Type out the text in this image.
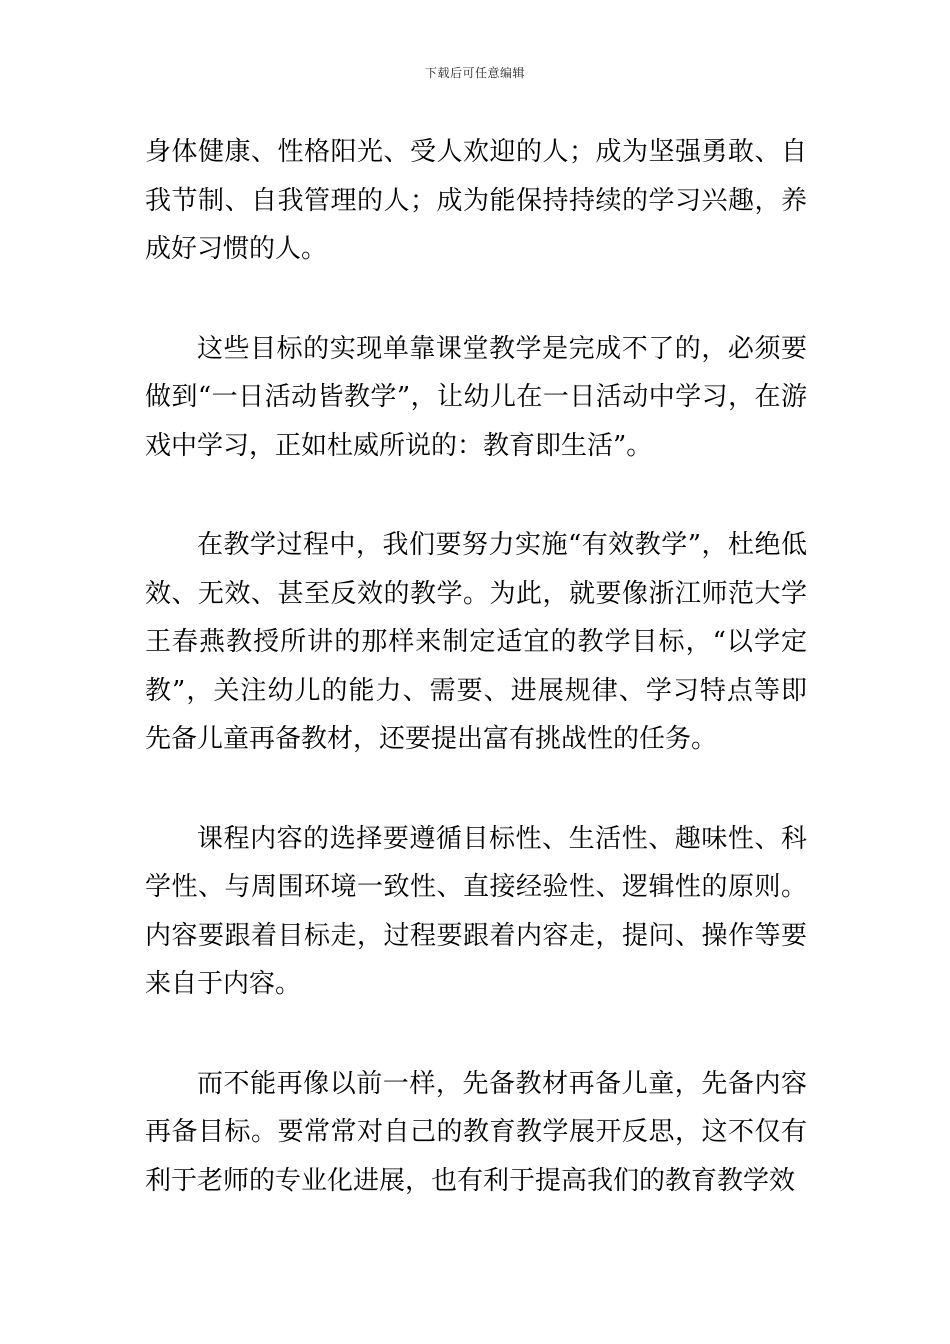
下载后可任意编辑

身体健康、性格阳光、受人欢迎的人；成为坚强勇敢、自我节制、自我管理的人；成为能保持持续的学习兴趣，养成好习惯的人。

这些目标的实现单靠课堂教学是完成不了的，必须要做到“一日活动皆教学”，让幼儿在一日活动中学习，在游戏中学习，正如杜威所说的：教育即生活”。

在教学过程中，我们要努力实施“有效教学”，杜绝低效、无效、甚至反效的教学。为此，就要像浙江师范大学王春燕教授所讲的那样来制定适宜的教学目标，“以学定教”，关注幼儿的能力、需要、进展规律、学习特点等即先备儿童再备教材，还要提出富有挑战性的任务。

课程内容的选择要遵循目标性、生活性、趣味性、科学性、与周围环境一致性、直接经验性、逻辑性的原则。内容要跟着目标走，过程要跟着内容走，提问、操作等要来自于内容。

而不能再像以前一样，先备教材再备儿童，先备内容再备目标。要常常对自己的教育教学展开反思，这不仅有利于老师的专业化进展，也有利于提高我们的教育教学效
